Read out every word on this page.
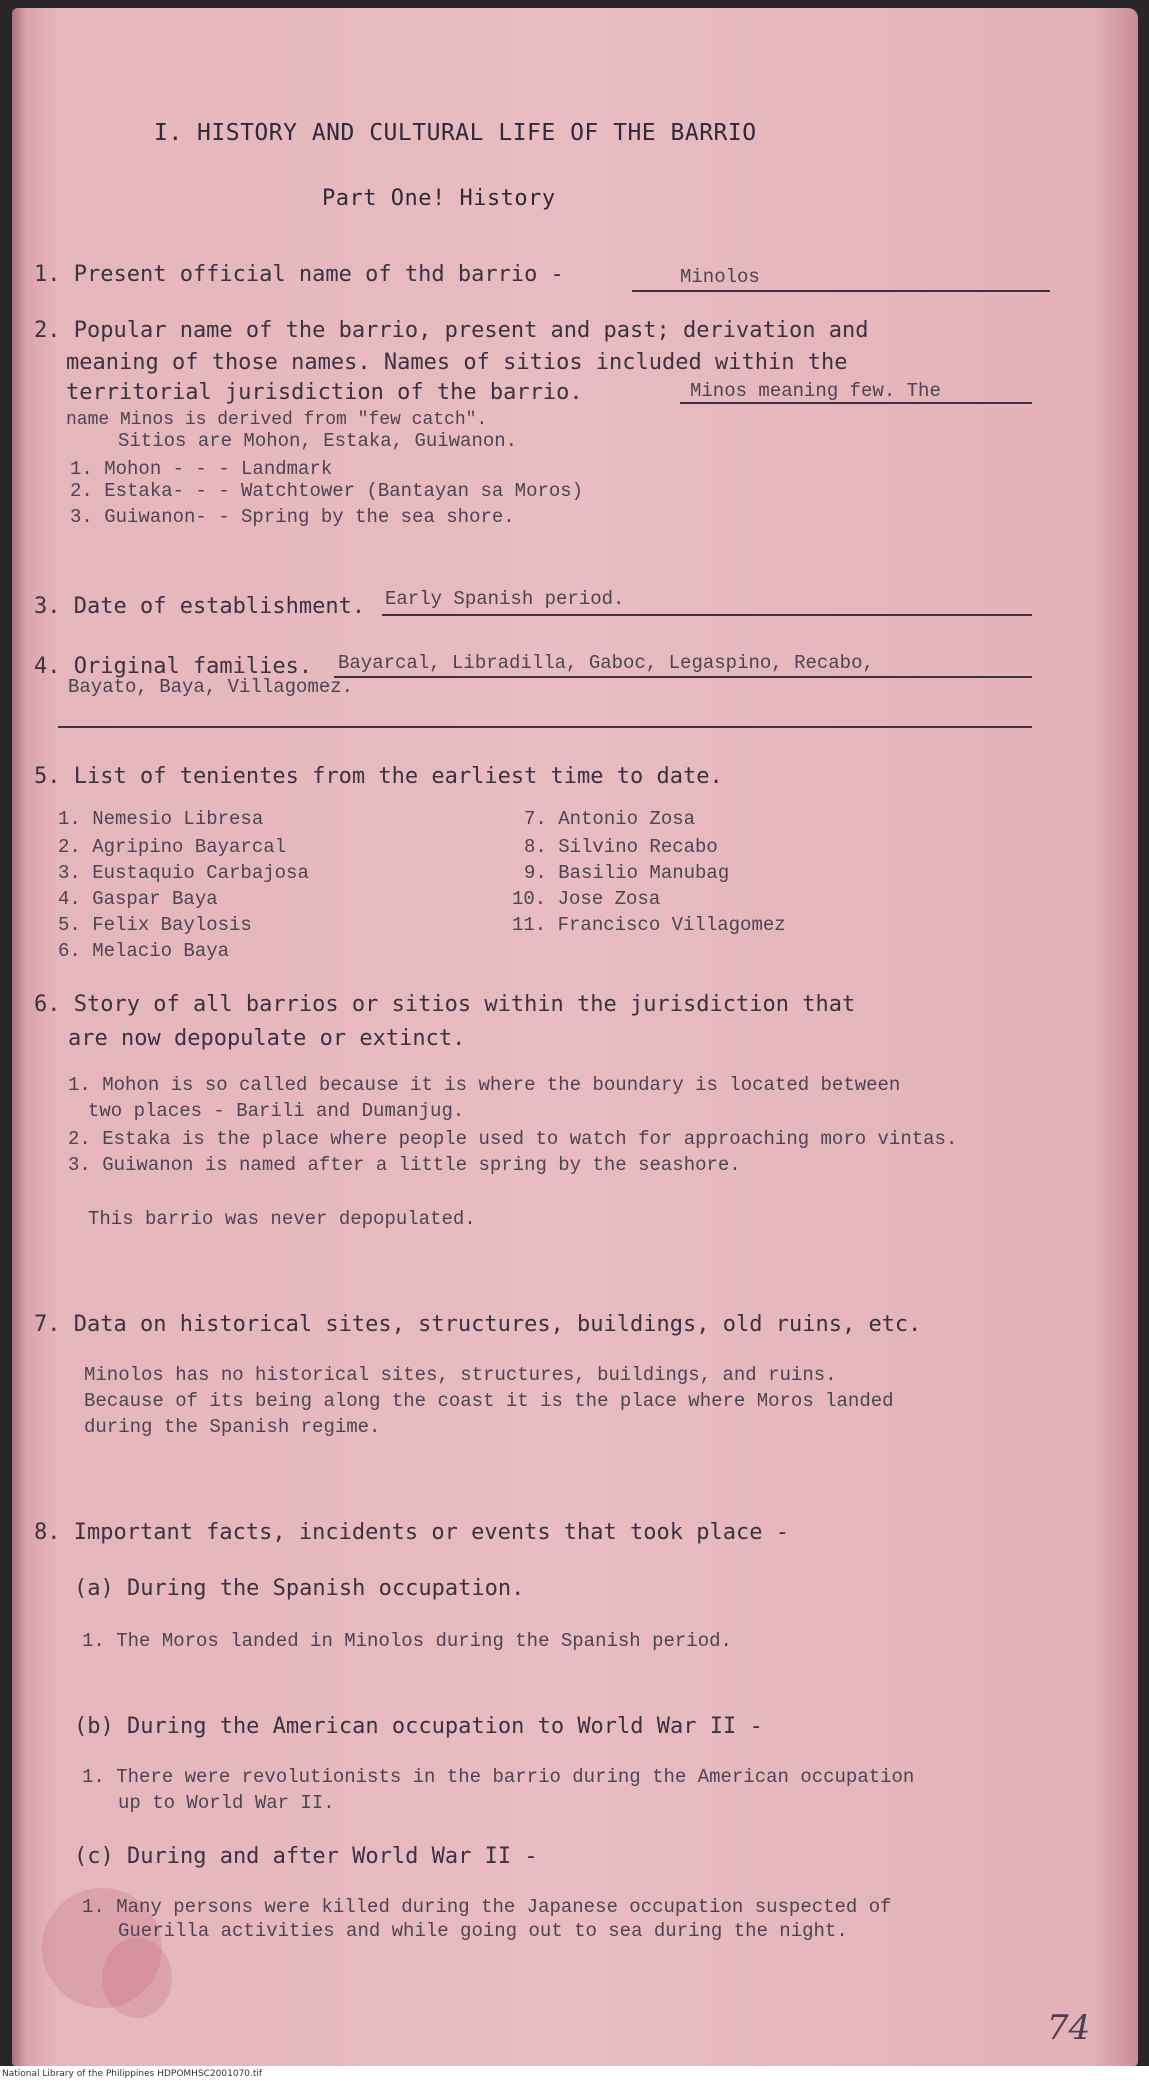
I. HISTORY AND CULTURAL LIFE OF THE BARRIO
Part One! History
1. Present official name of thd barrio -	Minolos
2. Popular name of the barrio, present and past; derivation and
meaning of those names. Names of sitios included within the
territorial jurisdiction of the barrio.	Minos meaning few. The
name Minos is derived from "few catch".
Sitios are Mohon, Estaka, Guiwanon.
1. Mohon - - - Landmark
2. Estaka- - - Watchtower (Bantayan sa Moros)
3. Guiwanon- - Spring by the sea shore.
3. Date of establishment. Early Spanish period.
4. Original families. Bayarcal, Libradilla, Gaboc, Legaspino, Recabo,
Bayato, Baya, Villagomez.
5. List of tenientes from the earliest time to date.
1. Nemesio Libresa
2. Agripino Bayarcal
3. Eustaquio Carbajosa
4. Gaspar Baya
5. Felix Baylosis
6. Melacio Baya
7. Antonio Zosa
8. Silvino Recabo
9. Basilio Manubag
10. Jose Zosa
11. Francisco Villagomez
6. Story of all barrios or sitios within the jurisdiction that
are now depopulate or extinct.
1. Mohon is so called because it is where the boundary is located between
two places - Barili and Dumanjug.
2. Estaka is the place where people used to watch for approaching moro vintas.
3. Guiwanon is named after a little spring by the seashore.
This barrio was never depopulated.
7. Data on historical sites, structures, buildings, old ruins, etc.
Minolos has no historical sites, structures, buildings, and ruins.
Because of its being along the coast it is the place where Moros landed
during the Spanish regime.
8. Important facts, incidents or events that took place -
(a) During the Spanish occupation.
1. The Moros landed in Minolos during the Spanish period.
(b) During the American occupation to World War II -
1. There were revolutionists in the barrio during the American occupation
up to World War II.
(c) During and after World War II -
1. Many persons were killed during the Japanese occupation suspected of
Guerilla activities and while going out to sea during the night.
74
National Library of the Philippines HDPOMHSC2001070.tif
